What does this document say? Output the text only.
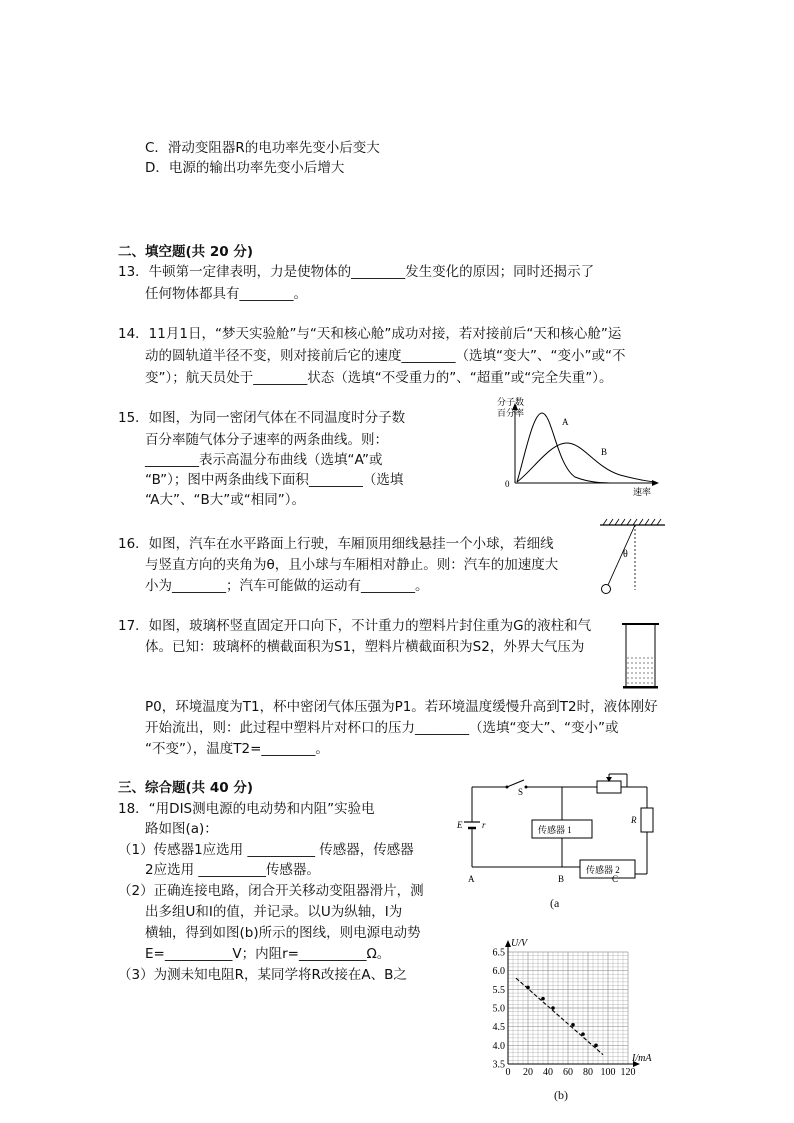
C．滑动变阻器R的电功率先变小后变大
D．电源的输出功率先变小后增大
二、填空题(共 20 分)
13．牛顿第一定律表明，力是使物体的________发生变化的原因；同时还揭示了
任何物体都具有________。
14．11月1日，“梦天实验舱”与“天和核心舱”成功对接，若对接前后“天和核心舱”运
动的圆轨道半径不变，则对接前后它的速度________（选填“变大”、“变小”或“不
变”）；航天员处于________状态（选填“不受重力的”、“超重”或“完全失重”）。
15．如图，为同一密闭气体在不同温度时分子数
百分率随气体分子速率的两条曲线。则：
________表示高温分布曲线（选填“A”或
“B”）；图中两条曲线下面积________（选填
“A大”、“B大”或“相同”）。
分子数
百分率
0
A
B
速率
16．如图，汽车在水平路面上行驶，车厢顶用细线悬挂一个小球，若细线
与竖直方向的夹角为θ，且小球与车厢相对静止。则：汽车的加速度大
小为________；汽车可能做的运动有________。
θ
17．如图，玻璃杯竖直固定开口向下，不计重力的塑料片封住重为G的液柱和气
体。已知：玻璃杯的横截面积为S1，塑料片横截面积为S2，外界大气压为
P0，环境温度为T1，杯中密闭气体压强为P1。若环境温度缓慢升高到T2时，液体刚好
开始流出，则：此过程中塑料片对杯口的压力________（选填“变大”、“变小”或
“不变”），温度T2=________。
三、综合题(共 40 分)
18．“用DIS测电源的电动势和内阻”实验电
路如图(a)：
（1）传感器1应选用 __________ 传感器，传感器
2应选用 __________传感器。
（2）正确连接电路，闭合开关移动变阻器滑片，测
出多组U和I的值，并记录。以U为纵轴，I为
横轴，得到如图(b)所示的图线，则电源电动势
E=__________V；内阻r=__________Ω。
（3）为测未知电阻R，某同学将R改接在A、B之
S
E r	R
传感器 1
传感器 2
A	B	C
(a
0 20 40 60 80 100 120
3.5
4.0
4.5
5.0
5.5
6.0
6.5
U/V
I/mA
(b)
